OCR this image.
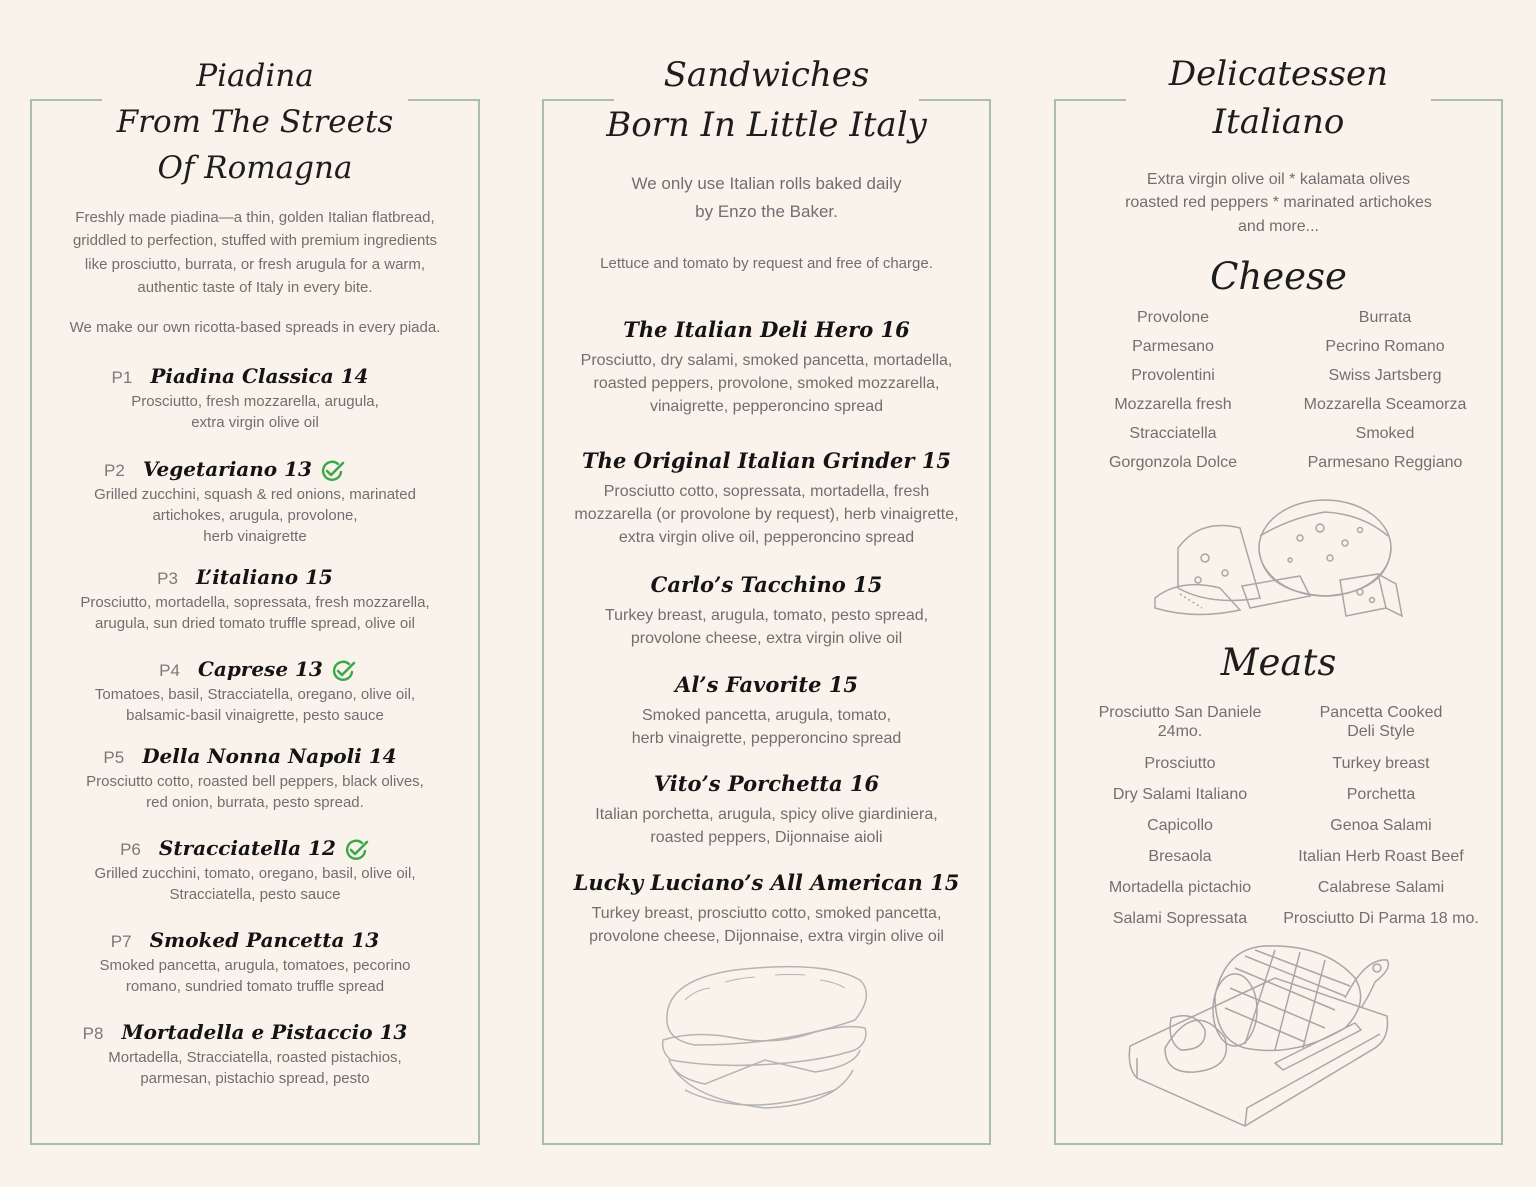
Piadina
From The Streets
Of Romagna
Freshly made piadina—a thin, golden Italian flatbread,
griddled to perfection, stuffed with premium ingredients
like prosciutto, burrata, or fresh arugula for a warm,
authentic taste of Italy in every bite.
We make our own ricotta-based spreads in every piada.
P1 Piadina Classica 14
Prosciutto, fresh mozzarella, arugula,
extra virgin olive oil
P2 Vegetariano 13
Grilled zucchini, squash & red onions, marinated
artichokes, arugula, provolone,
herb vinaigrette
P3 L’italiano 15
Prosciutto, mortadella, sopressata, fresh mozzarella,
arugula, sun dried tomato truffle spread, olive oil
P4 Caprese 13
Tomatoes, basil, Stracciatella, oregano, olive oil,
balsamic-basil vinaigrette, pesto sauce
P5 Della Nonna Napoli 14
Prosciutto cotto, roasted bell peppers, black olives,
red onion, burrata, pesto spread.
P6 Stracciatella 12
Grilled zucchini, tomato, oregano, basil, olive oil,
Stracciatella, pesto sauce
P7 Smoked Pancetta 13
Smoked pancetta, arugula, tomatoes, pecorino
romano, sundried tomato truffle spread
P8 Mortadella e Pistaccio 13
Mortadella, Stracciatella, roasted pistachios,
parmesan, pistachio spread, pesto
Sandwiches
Born In Little Italy
We only use Italian rolls baked daily
by Enzo the Baker.
Lettuce and tomato by request and free of charge.
The Italian Deli Hero 16
Prosciutto, dry salami, smoked pancetta, mortadella,
roasted peppers, provolone, smoked mozzarella,
vinaigrette, pepperoncino spread
The Original Italian Grinder 15
Prosciutto cotto, sopressata, mortadella, fresh
mozzarella (or provolone by request), herb vinaigrette,
extra virgin olive oil, pepperoncino spread
Carlo’s Tacchino 15
Turkey breast, arugula, tomato, pesto spread,
provolone cheese, extra virgin olive oil
Al’s Favorite 15
Smoked pancetta, arugula, tomato,
herb vinaigrette, pepperoncino spread
Vito’s Porchetta 16
Italian porchetta, arugula, spicy olive giardiniera,
roasted peppers, Dijonnaise aioli
Lucky Luciano’s All American 15
Turkey breast, prosciutto cotto, smoked pancetta,
provolone cheese, Dijonnaise, extra virgin olive oil
Delicatessen
Italiano
Extra virgin olive oil * kalamata olives
roasted red peppers * marinated artichokes
and more...
Cheese
Provolone
Parmesano
Provolentini
Mozzarella fresh
Stracciatella
Gorgonzola Dolce
Burrata
Pecrino Romano
Swiss Jartsberg
Mozzarella Sceamorza
Smoked
Parmesano Reggiano
Meats
Prosciutto San Daniele
24mo.
Prosciutto
Dry Salami Italiano
Capicollo
Bresaola
Mortadella pictachio
Salami Sopressata
Pancetta Cooked
Deli Style
Turkey breast
Porchetta
Genoa Salami
Italian Herb Roast Beef
Calabrese Salami
Prosciutto Di Parma 18 mo.
